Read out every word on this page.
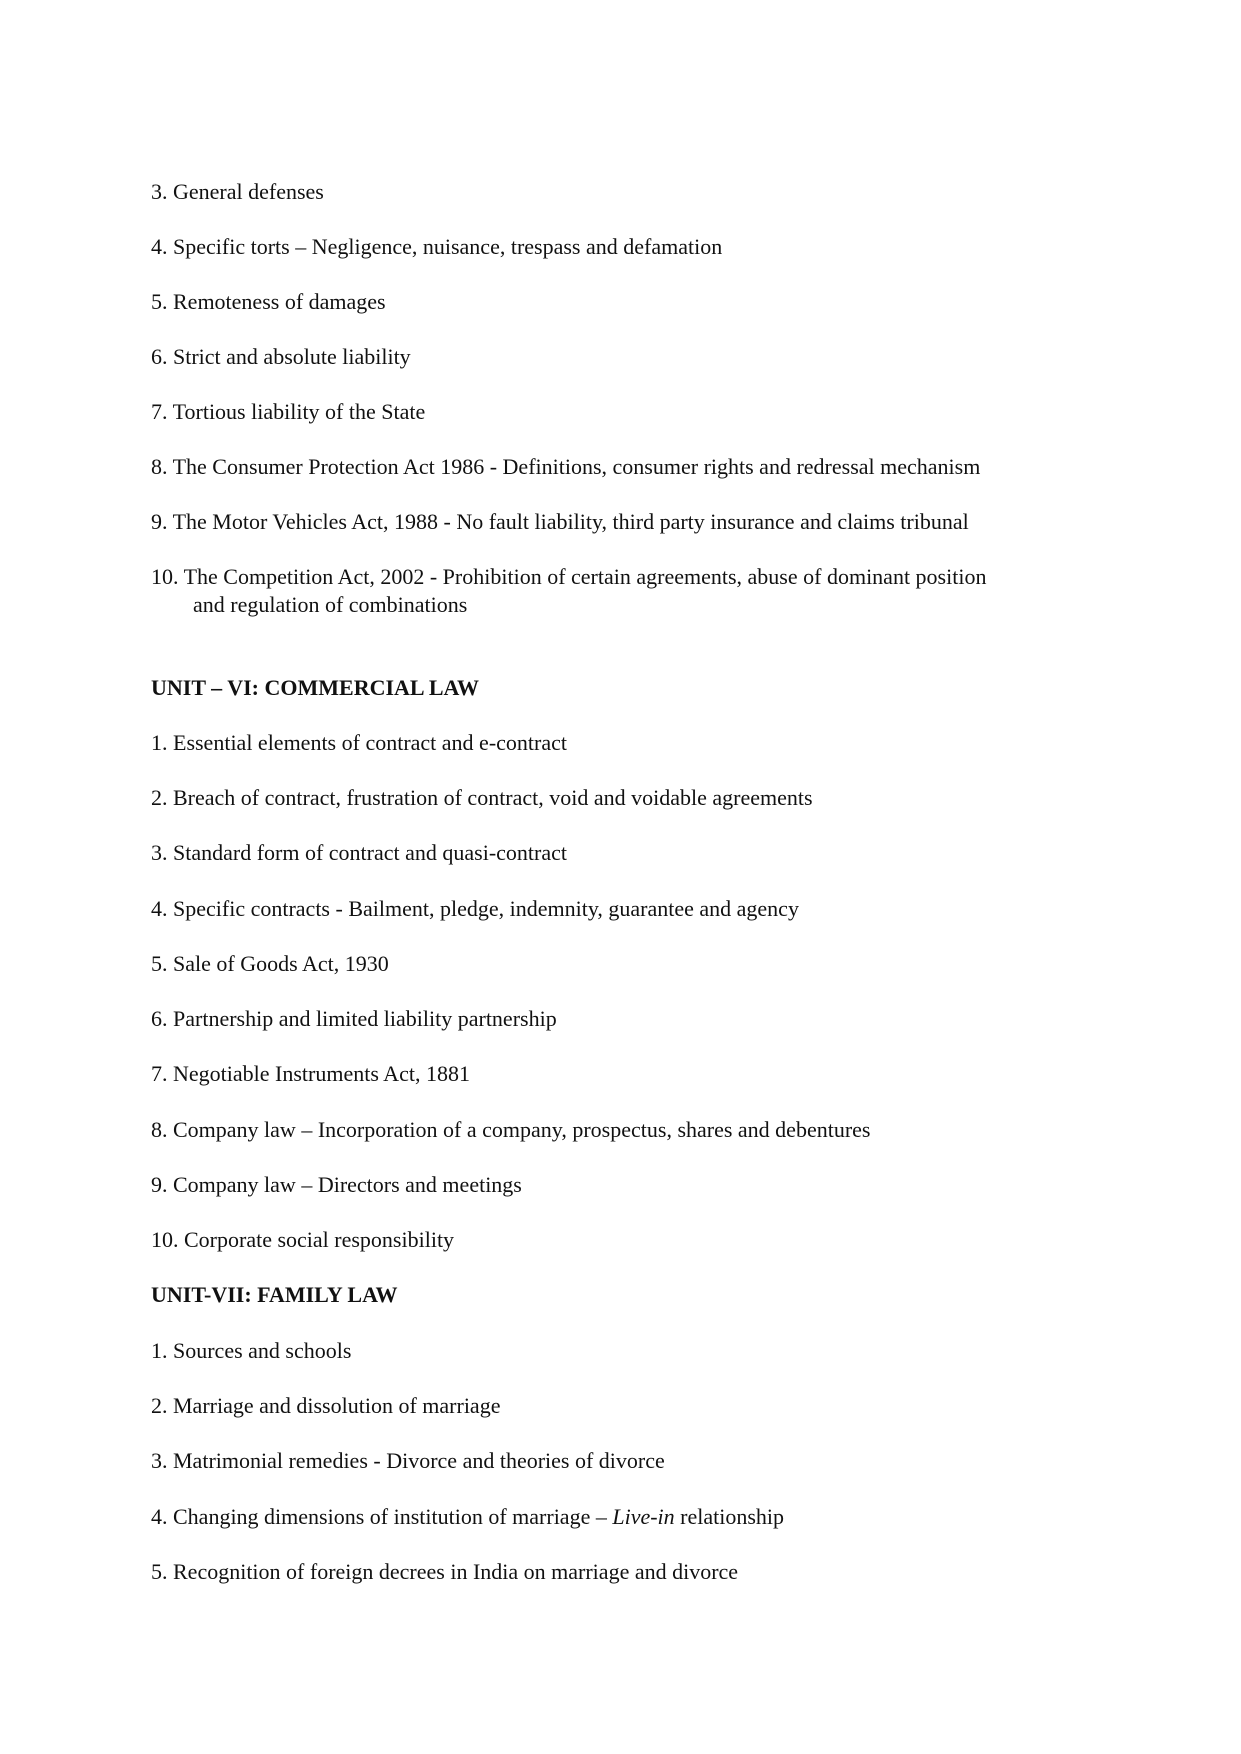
3. General defenses

4. Specific torts – Negligence, nuisance, trespass and defamation

5. Remoteness of damages

6. Strict and absolute liability

7. Tortious liability of the State

8. The Consumer Protection Act 1986 - Definitions, consumer rights and redressal mechanism

9. The Motor Vehicles Act, 1988 - No fault liability, third party insurance and claims tribunal

10. The Competition Act, 2002 - Prohibition of certain agreements, abuse of dominant position

and regulation of combinations

UNIT – VI: COMMERCIAL LAW

1. Essential elements of contract and e-contract

2. Breach of contract, frustration of contract, void and voidable agreements

3. Standard form of contract and quasi-contract

4. Specific contracts - Bailment, pledge, indemnity, guarantee and agency

5. Sale of Goods Act, 1930

6. Partnership and limited liability partnership

7. Negotiable Instruments Act, 1881

8. Company law – Incorporation of a company, prospectus, shares and debentures

9. Company law – Directors and meetings

10. Corporate social responsibility

UNIT-VII: FAMILY LAW

1. Sources and schools

2. Marriage and dissolution of marriage

3. Matrimonial remedies - Divorce and theories of divorce

4. Changing dimensions of institution of marriage – Live-in relationship

5. Recognition of foreign decrees in India on marriage and divorce
